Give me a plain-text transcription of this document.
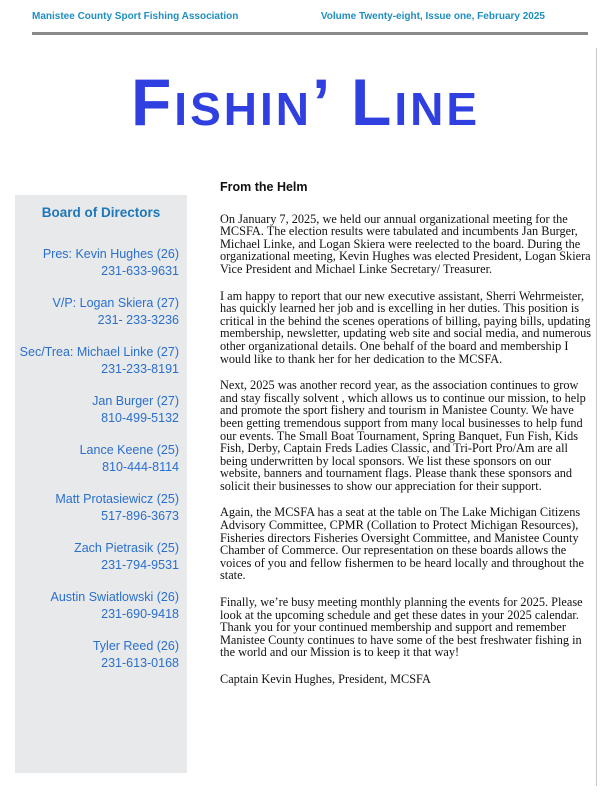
Manistee County Sport Fishing Association	Volume Twenty-eight, Issue one, February 2025
Fishin’ Line
Board of Directors
Pres: Kevin Hughes (26)
231-633-9631
V/P: Logan Skiera (27)
231- 233-3236
Sec/Trea: Michael Linke (27)
231-233-8191
Jan Burger (27)
810-499-5132
Lance Keene (25)
810-444-8114
Matt Protasiewicz (25)
517-896-3673
Zach Pietrasik (25)
231-794-9531
Austin Swiatlowski (26)
231-690-9418
Tyler Reed (26)
231-613-0168
From the Helm

On January 7, 2025, we held our annual organizational meeting for the MCSFA. The election results were tabulated and incumbents Jan Burger, Michael Linke, and Logan Skiera were reelected to the board. During the organizational meeting, Kevin Hughes was elected President, Logan Skiera Vice President and Michael Linke Secretary/ Treasurer.

I am happy to report that our new executive assistant, Sherri Wehrmeister, has quickly learned her job and is excelling in her duties. This position is critical in the behind the scenes operations of billing, paying bills, updating membership, newsletter, updating web site and social media, and numerous other organizational details. One behalf of the board and membership I would like to thank her for her dedication to the MCSFA.

Next, 2025 was another record year, as the association continues to grow and stay fiscally solvent , which allows us to continue our mission, to help and promote the sport fishery and tourism in Manistee County. We have been getting tremendous support from many local businesses to help fund our events. The Small Boat Tournament, Spring Banquet, Fun Fish, Kids Fish, Derby, Captain Freds Ladies Classic, and Tri-Port Pro/Am are all being underwritten by local sponsors. We list these sponsors on our website, banners and tournament flags. Please thank these sponsors and solicit their businesses to show our appreciation for their support.

Again, the MCSFA has a seat at the table on The Lake Michigan Citizens Advisory Committee, CPMR (Collation to Protect Michigan Resources), Fisheries directors Fisheries Oversight Committee, and Manistee County Chamber of Commerce. Our representation on these boards allows the voices of you and fellow fishermen to be heard locally and throughout the state.

Finally, we’re busy meeting monthly planning the events for 2025. Please look at the upcoming schedule and get these dates in your 2025 calendar. Thank you for your continued membership and support and remember Manistee County continues to have some of the best freshwater fishing in the world and our Mission is to keep it that way!

Captain Kevin Hughes, President, MCSFA
